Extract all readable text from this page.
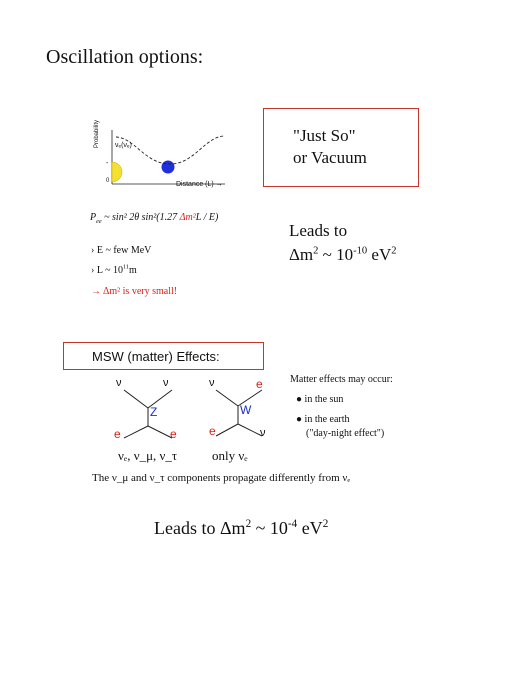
Oscillation options:
Probability νₑ(νₑ)
-
0	Distance (L) →
"Just So"
or Vacuum
$P_{ee}$ ~ sin² 2θ sin²(1.27 Δm²L / E)
› E ~ few MeV
› L ~ $10^{11}m$
→ Δm² is very small!
Leads to
$\Delta m^2$ ~ $10^{-10}$ $eV^2$
MSW (matter) Effects:
ν	ν
Z
e	e
νₑ, ν_μ, ν_τ
ν	e
W
e	ν
only νₑ
Matter effects may occur:
● in the sun
● in the earth
("day-night effect")
The ν_μ and ν_τ components propagate differently from νₑ
Leads to $\Delta m^2$ ~ $10^{-4}$ $eV^2$
